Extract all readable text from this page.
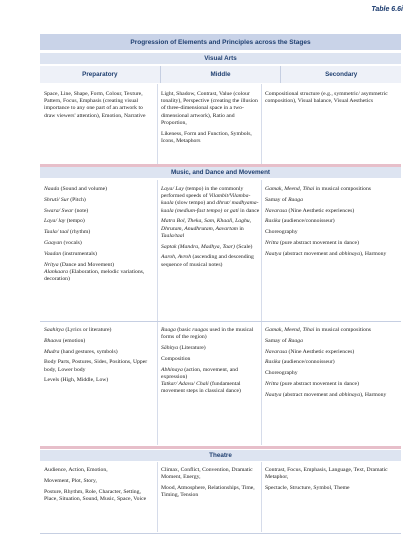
Table 6.6i
Progression of Elements and Principles across the Stages
Visual Arts
Preparatory	Middle	Secondary

Space, Line, Shape, Form, Colour, Texture, Pattern, Focus, Emphasis (creating visual importance to any one part of an artwork to draw viewers' attention), Emotion, Narrative

Light, Shadow, Contrast, Value (colour tonality), Perspective (creating the illusion of three-dimensional space in a two-dimensional artwork), Ratio and Proportion,

Likeness, Form and Function, Symbols, Icons, Metaphors

Compositional structure (e.g., symmetric/ asymmetric composition), Visual balance, Visual Aesthetics

Music, and Dance and Movement

Naada (Sound and volume)

Shruti/ Sur (Pitch)

Swara/ Swar (note)

Laya/ lay (tempo)

Taala/ taal (rhythm)

Gaayan (vocals)

Vaadan (instrumentals)

Nritya (Dance and Movement)

Alankaara (Elaboration, melodic variations, decoration)

Laya/ Lay (tempo) in the commonly performed speeds of Vilambit/Vilamba-kaala (slow tempo) and dhrut/ madhyama-kaala (medium-fast tempo) or gati in dance

Matra Bol, Theka, Sam, Khaali, Laghu, Dhrutam, Anudhrutam, Aavartam in Taala/taal

Saptak (Mandra, Madhya, Taar) (Scale)

Aaroh, Avroh (ascending and descending sequence of musical notes)

Gamak, Meend, Tihai in musical compositions

Samay of Raaga

Navarasa (Nine Aesthetic experiences)

Rasika (audience/connoisseur)

Choreography

Nritta (pure abstract movement in dance)

Naatya (abstract movement and abhinaya), Harmony

Saahitya (Lyrics or literature)

Bhaava (emotion)

Mudra (hand gestures, symbols)

Body Parts, Postures, Sides, Positions, Upper body, Lower body

Levels (High, Middle, Low)

Raaga (basic raagas used in the musical forms of the region)

Sāhitya (Literature)

Composition

Abhinaya (action, movement, and expression)

Tatkar/ Adavu/ Chali (fundamental movement steps in classical dance)

Gamak, Meend, Tihai in musical compositions

Samay of Raaga

Navarasa (Nine Aesthetic experiences)

Rasika (audience/connoisseur)

Choreography

Nritta (pure abstract movement in dance)

Naatya (abstract movement and abhinaya), Harmony

Theatre

Audience, Action, Emotion,

Movement, Plot, Story,

Posture, Rhythm, Role, Character, Setting, Place, Situation, Sound, Music, Space, Voice

Climax, Conflict, Convention, Dramatic Moment, Energy,

Mood, Atmosphere, Relationships, Time, Timing, Tension

Contrast, Focus, Emphasis, Language, Text, Dramatic Metaphor,

Spectacle, Structure, Symbol, Theme
